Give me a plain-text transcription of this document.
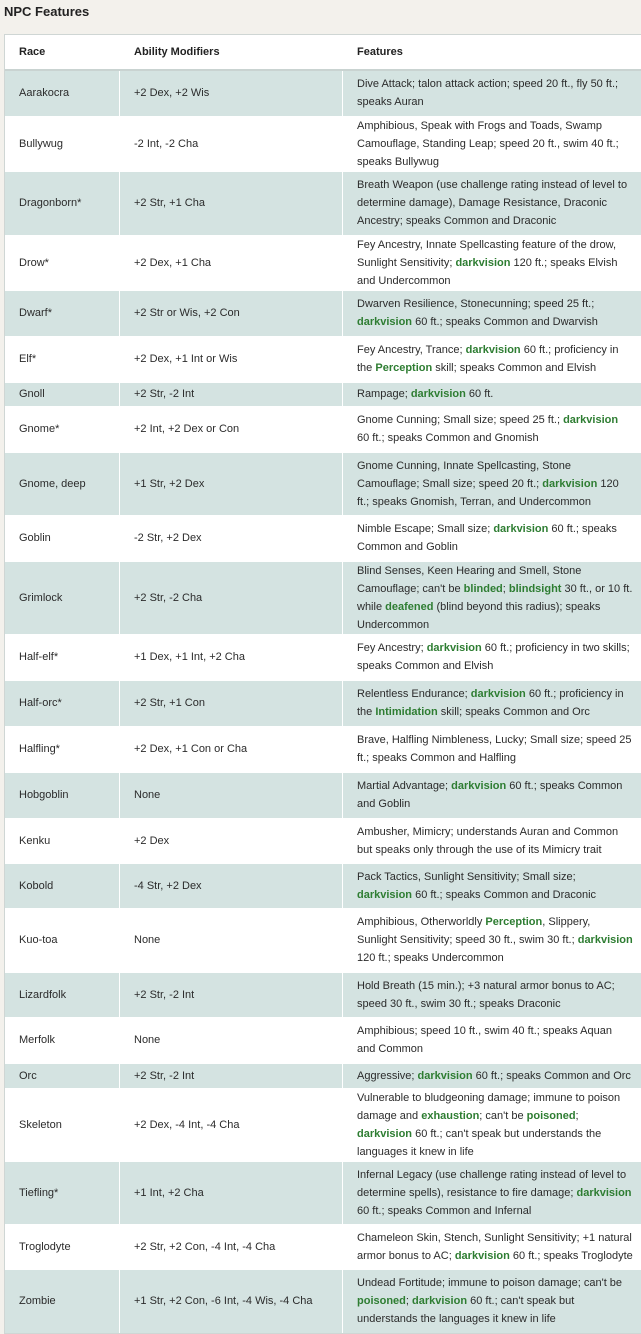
NPC Features
Race	Ability Modifiers	Features
Aarakocra	+2 Dex, +2 Wis	Dive Attack; talon attack action; speed 20 ft., fly 50 ft.; speaks Auran
Bullywug	-2 Int, -2 Cha	Amphibious, Speak with Frogs and Toads, Swamp Camouflage, Standing Leap; speed 20 ft., swim 40 ft.; speaks Bullywug
Dragonborn*	+2 Str, +1 Cha	Breath Weapon (use challenge rating instead of level to determine damage), Damage Resistance, Draconic Ancestry; speaks Common and Draconic
Drow*	+2 Dex, +1 Cha	Fey Ancestry, Innate Spellcasting feature of the drow, Sunlight Sensitivity; darkvision 120 ft.; speaks Elvish and Undercommon
Dwarf*	+2 Str or Wis, +2 Con	Dwarven Resilience, Stonecunning; speed 25 ft.; darkvision 60 ft.; speaks Common and Dwarvish
Elf*	+2 Dex, +1 Int or Wis	Fey Ancestry, Trance; darkvision 60 ft.; proficiency in the Perception skill; speaks Common and Elvish
Gnoll	+2 Str, -2 Int	Rampage; darkvision 60 ft.
Gnome*	+2 Int, +2 Dex or Con	Gnome Cunning; Small size; speed 25 ft.; darkvision 60 ft.; speaks Common and Gnomish
Gnome, deep	+1 Str, +2 Dex	Gnome Cunning, Innate Spellcasting, Stone Camouflage; Small size; speed 20 ft.; darkvision 120 ft.; speaks Gnomish, Terran, and Undercommon
Goblin	-2 Str, +2 Dex	Nimble Escape; Small size; darkvision 60 ft.; speaks Common and Goblin
Grimlock	+2 Str, -2 Cha	Blind Senses, Keen Hearing and Smell, Stone Camouflage; can't be blinded; blindsight 30 ft., or 10 ft. while deafened (blind beyond this radius); speaks Undercommon
Half-elf*	+1 Dex, +1 Int, +2 Cha	Fey Ancestry; darkvision 60 ft.; proficiency in two skills; speaks Common and Elvish
Half-orc*	+2 Str, +1 Con	Relentless Endurance; darkvision 60 ft.; proficiency in the Intimidation skill; speaks Common and Orc
Halfling*	+2 Dex, +1 Con or Cha	Brave, Halfling Nimbleness, Lucky; Small size; speed 25 ft.; speaks Common and Halfling
Hobgoblin	None	Martial Advantage; darkvision 60 ft.; speaks Common and Goblin
Kenku	+2 Dex	Ambusher, Mimicry; understands Auran and Common but speaks only through the use of its Mimicry trait
Kobold	-4 Str, +2 Dex	Pack Tactics, Sunlight Sensitivity; Small size; darkvision 60 ft.; speaks Common and Draconic
Kuo-toa	None	Amphibious, Otherworldly Perception, Slippery, Sunlight Sensitivity; speed 30 ft., swim 30 ft.; darkvision 120 ft.; speaks Undercommon
Lizardfolk	+2 Str, -2 Int	Hold Breath (15 min.); +3 natural armor bonus to AC; speed 30 ft., swim 30 ft.; speaks Draconic
Merfolk	None	Amphibious; speed 10 ft., swim 40 ft.; speaks Aquan and Common
Orc	+2 Str, -2 Int	Aggressive; darkvision 60 ft.; speaks Common and Orc
Skeleton	+2 Dex, -4 Int, -4 Cha	Vulnerable to bludgeoning damage; immune to poison damage and exhaustion; can't be poisoned; darkvision 60 ft.; can't speak but understands the languages it knew in life
Tiefling*	+1 Int, +2 Cha	Infernal Legacy (use challenge rating instead of level to determine spells), resistance to fire damage; darkvision 60 ft.; speaks Common and Infernal
Troglodyte	+2 Str, +2 Con, -4 Int, -4 Cha	Chameleon Skin, Stench, Sunlight Sensitivity; +1 natural armor bonus to AC; darkvision 60 ft.; speaks Troglodyte
Zombie	+1 Str, +2 Con, -6 Int, -4 Wis, -4 Cha	Undead Fortitude; immune to poison damage; can't be poisoned; darkvision 60 ft.; can't speak but understands the languages it knew in life
